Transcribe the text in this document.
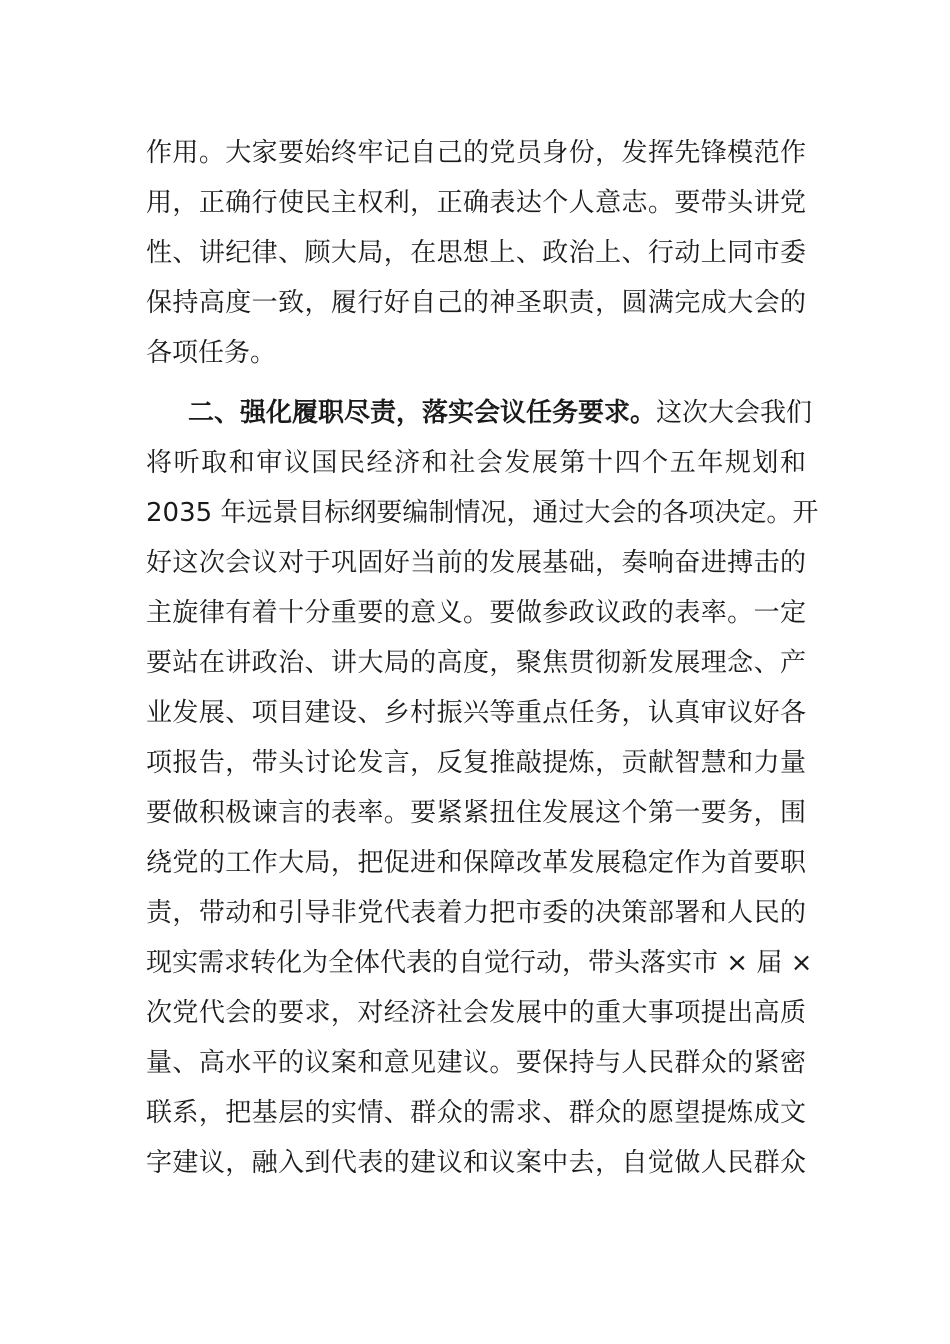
作用。大家要始终牢记自己的党员身份，发挥先锋模范作
用，正确行使民主权利，正确表达个人意志。要带头讲党
性、讲纪律、顾大局，在思想上、政治上、行动上同市委
保持高度一致，履行好自己的神圣职责，圆满完成大会的
各项任务。
二、强化履职尽责，落实会议任务要求。这次大会我们
将听取和审议国民经济和社会发展第十四个五年规划和
2035 年远景目标纲要编制情况，通过大会的各项决定。开
好这次会议对于巩固好当前的发展基础，奏响奋进搏击的
主旋律有着十分重要的意义。要做参政议政的表率。一定
要站在讲政治、讲大局的高度，聚焦贯彻新发展理念、产
业发展、项目建设、乡村振兴等重点任务，认真审议好各
项报告，带头讨论发言，反复推敲提炼，贡献智慧和力量
要做积极谏言的表率。要紧紧扭住发展这个第一要务，围
绕党的工作大局，把促进和保障改革发展稳定作为首要职
责，带动和引导非党代表着力把市委的决策部署和人民的
现实需求转化为全体代表的自觉行动，带头落实市 × 届 ×
次党代会的要求，对经济社会发展中的重大事项提出高质
量、高水平的议案和意见建议。要保持与人民群众的紧密
联系，把基层的实情、群众的需求、群众的愿望提炼成文
字建议，融入到代表的建议和议案中去，自觉做人民群众
